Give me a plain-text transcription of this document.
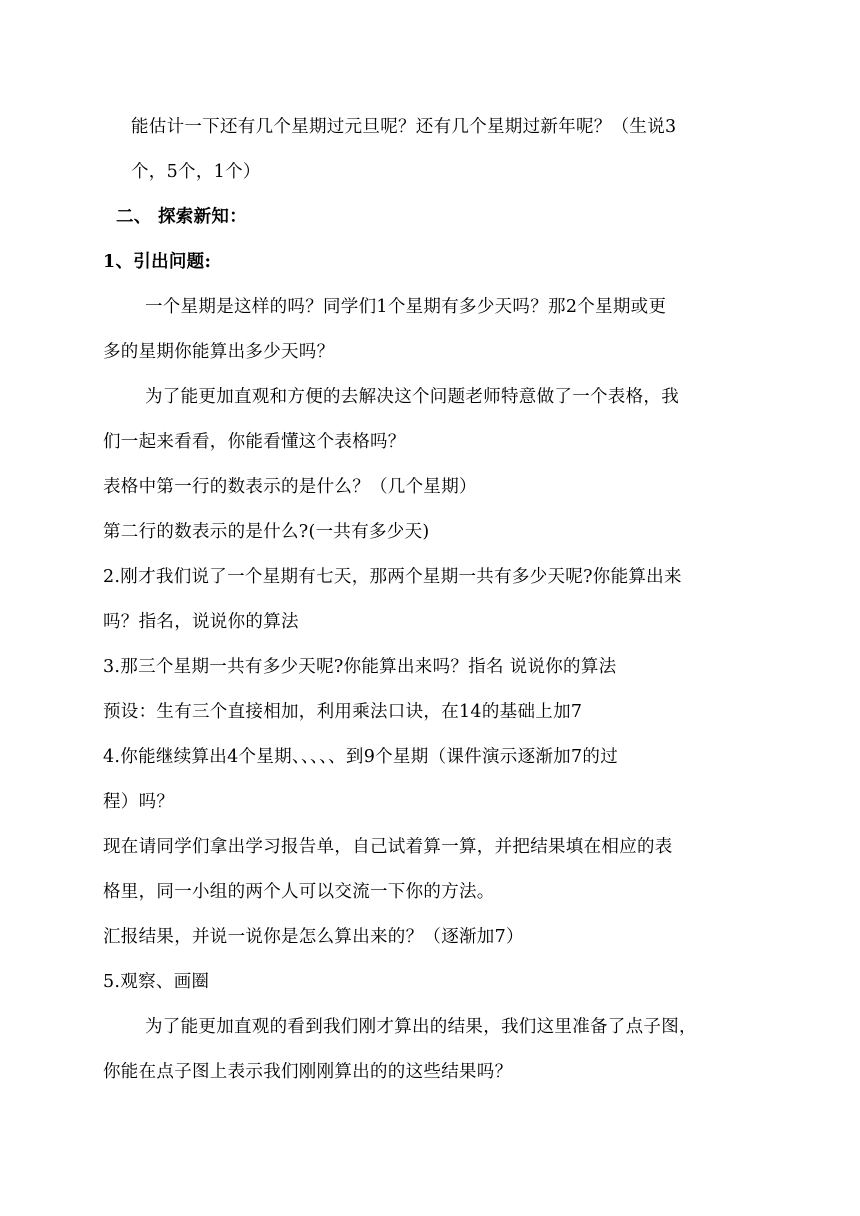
能估计一下还有几个星期过元旦呢？还有几个星期过新年呢？（生说3
个，5个，1个）
二、 探索新知：
1、引出问题:
一个星期是这样的吗？同学们1个星期有多少天吗？那2个星期或更
多的星期你能算出多少天吗？
为了能更加直观和方便的去解决这个问题老师特意做了一个表格，我
们一起来看看，你能看懂这个表格吗？
表格中第一行的数表示的是什么？（几个星期）
第二行的数表示的是什么?(一共有多少天)
2.刚才我们说了一个星期有七天，那两个星期一共有多少天呢?你能算出来
吗？指名，说说你的算法
3.那三个星期一共有多少天呢?你能算出来吗？指名 说说你的算法
预设：生有三个直接相加，利用乘法口诀，在14的基础上加7
4.你能继续算出4个星期、、、、、到9个星期（课件演示逐渐加7的过
程）吗？
现在请同学们拿出学习报告单，自己试着算一算，并把结果填在相应的表
格里，同一小组的两个人可以交流一下你的方法。
汇报结果，并说一说你是怎么算出来的？（逐渐加7）
5.观察、画圈
为了能更加直观的看到我们刚才算出的结果，我们这里准备了点子图，
你能在点子图上表示我们刚刚算出的的这些结果吗？
